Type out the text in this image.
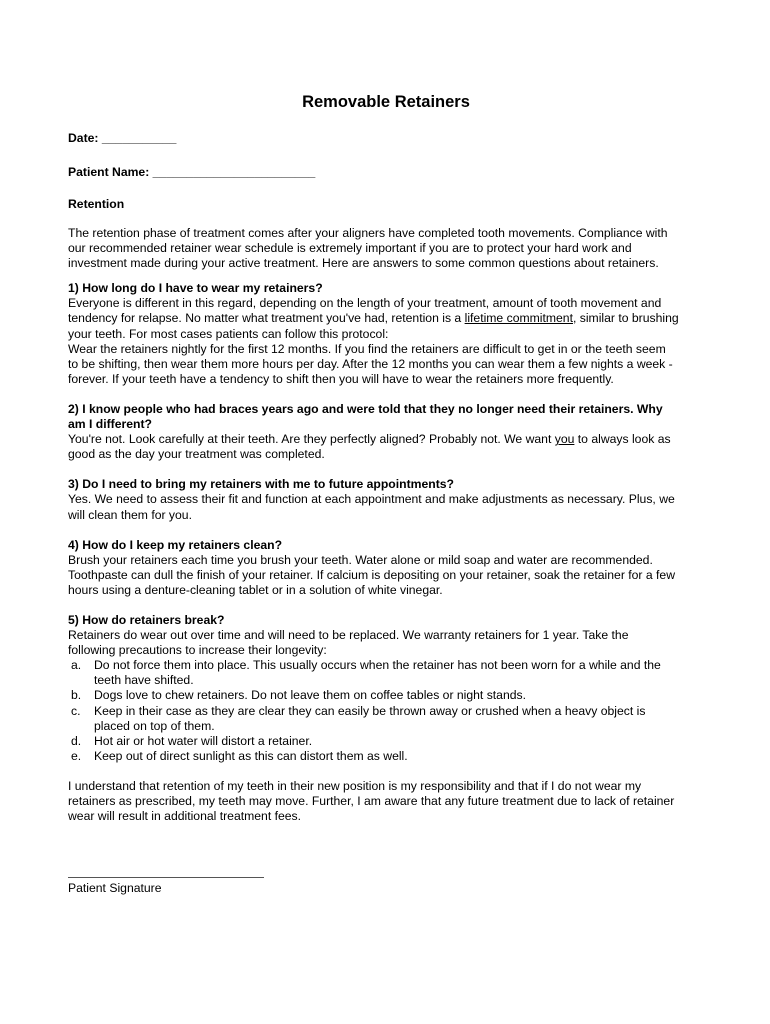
Removable Retainers

Date: ___________

Patient Name: ________________________

Retention

The retention phase of treatment comes after your aligners have completed tooth movements. Compliance with

our recommended retainer wear schedule is extremely important if you are to protect your hard work and

investment made during your active treatment. Here are answers to some common questions about retainers.

1) How long do I have to wear my retainers?

Everyone is different in this regard, depending on the length of your treatment, amount of tooth movement and

tendency for relapse. No matter what treatment you've had, retention is a lifetime commitment, similar to brushing

your teeth. For most cases patients can follow this protocol:

Wear the retainers nightly for the first 12 months. If you find the retainers are difficult to get in or the teeth seem

to be shifting, then wear them more hours per day. After the 12 months you can wear them a few nights a week -

forever. If your teeth have a tendency to shift then you will have to wear the retainers more frequently.

2) I know people who had braces years ago and were told that they no longer need their retainers. Why

am I different?

You're not. Look carefully at their teeth. Are they perfectly aligned? Probably not. We want you to always look as

good as the day your treatment was completed.

3) Do I need to bring my retainers with me to future appointments?

Yes. We need to assess their fit and function at each appointment and make adjustments as necessary. Plus, we

will clean them for you.

4) How do I keep my retainers clean?

Brush your retainers each time you brush your teeth. Water alone or mild soap and water are recommended.

Toothpaste can dull the finish of your retainer. If calcium is depositing on your retainer, soak the retainer for a few

hours using a denture-cleaning tablet or in a solution of white vinegar.

5) How do retainers break?

Retainers do wear out over time and will need to be replaced. We warranty retainers for 1 year. Take the

following precautions to increase their longevity:

a. Do not force them into place. This usually occurs when the retainer has not been worn for a while and the

teeth have shifted.

b. Dogs love to chew retainers. Do not leave them on coffee tables or night stands.

c. Keep in their case as they are clear they can easily be thrown away or crushed when a heavy object is

placed on top of them.

d. Hot air or hot water will distort a retainer.

e. Keep out of direct sunlight as this can distort them as well.

I understand that retention of my teeth in their new position is my responsibility and that if I do not wear my

retainers as prescribed, my teeth may move. Further, I am aware that any future treatment due to lack of retainer

wear will result in additional treatment fees.

Patient Signature
